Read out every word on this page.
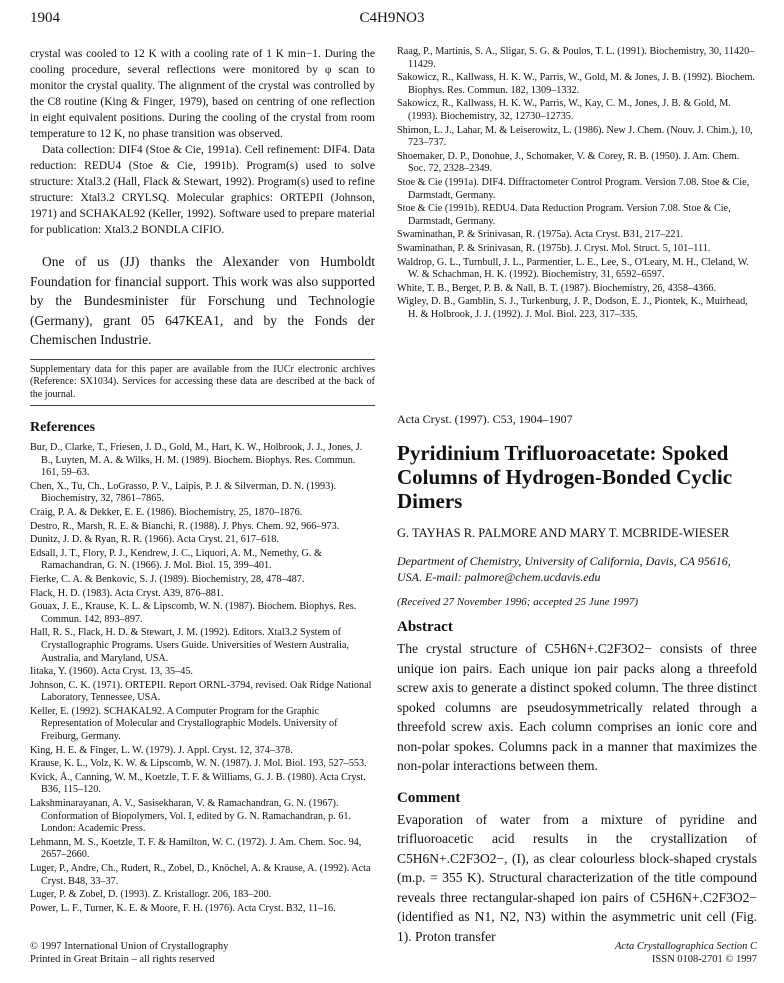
1904	C4H9NO3

crystal was cooled to 12 K with a cooling rate of 1 K min−1. During the cooling procedure, several reflections were monitored by φ scan to monitor the crystal quality. The alignment of the crystal was controlled by the C8 routine (King & Finger, 1979), based on centring of one reflection in eight equivalent positions. During the cooling of the crystal from room temperature to 12 K, no phase transition was observed.

Data collection: DIF4 (Stoe & Cie, 1991a). Cell refinement: DIF4. Data reduction: REDU4 (Stoe & Cie, 1991b). Program(s) used to solve structure: Xtal3.2 (Hall, Flack & Stewart, 1992). Program(s) used to refine structure: Xtal3.2 CRYLSQ. Molecular graphics: ORTEPII (Johnson, 1971) and SCHAKAL92 (Keller, 1992). Software used to prepare material for publication: Xtal3.2 BONDLA CIFIO.

One of us (JJ) thanks the Alexander von Humboldt Foundation for financial support. This work was also supported by the Bundesminister für Forschung und Technologie (Germany), grant 05 647KEA1, and by the Fonds der Chemischen Industrie.

Supplementary data for this paper are available from the IUCr electronic archives (Reference: SX1034). Services for accessing these data are described at the back of the journal.

Raag, P., Martinis, S. A., Sligar, S. G. & Poulos, T. L. (1991). Biochemistry, 30, 11420–11429.

Sakowicz, R., Kallwass, H. K. W., Parris, W., Gold, M. & Jones, J. B. (1992). Biochem. Biophys. Res. Commun. 182, 1309–1332.

Sakowicz, R., Kallwass, H. K. W., Parris, W., Kay, C. M., Jones, J. B. & Gold, M. (1993). Biochemistry, 32, 12730–12735.

Shimon, L. J., Lahar, M. & Leiserowitz, L. (1986). New J. Chem. (Nouv. J. Chim.), 10, 723–737.

Shoemaker, D. P., Donohue, J., Schomaker, V. & Corey, R. B. (1950). J. Am. Chem. Soc. 72, 2328–2349.

Stoe & Cie (1991a). DIF4. Diffractometer Control Program. Version 7.08. Stoe & Cie, Darmstadt, Germany.

Stoe & Cie (1991b). REDU4. Data Reduction Program. Version 7.08. Stoe & Cie, Darmstadt, Germany.

Swaminathan, P. & Srinivasan, R. (1975a). Acta Cryst. B31, 217–221.

Swaminathan, P. & Srinivasan, R. (1975b). J. Cryst. Mol. Struct. 5, 101–111.

Waldrop, G. L., Turnbull, J. L., Parmentier, L. E., Lee, S., O'Leary, M. H., Cleland, W. W. & Schachman, H. K. (1992). Biochemistry, 31, 6592–6597.

White, T. B., Berget, P. B. & Nall, B. T. (1987). Biochemistry, 26, 4358–4366.

Wigley, D. B., Gamblin, S. J., Turkenburg, J. P., Dodson, E. J., Piontek, K., Muirhead, H. & Holbrook, J. J. (1992). J. Mol. Biol. 223, 317–335.

References

Bur, D., Clarke, T., Friesen, J. D., Gold, M., Hart, K. W., Holbrook, J. J., Jones, J. B., Luyten, M. A. & Wilks, H. M. (1989). Biochem. Biophys. Res. Commun. 161, 59–63.

Chen, X., Tu, Ch., LoGrasso, P. V., Laipis, P. J. & Silverman, D. N. (1993). Biochemistry, 32, 7861–7865.

Craig, P. A. & Dekker, E. E. (1986). Biochemistry, 25, 1870–1876.

Destro, R., Marsh, R. E. & Bianchi, R. (1988). J. Phys. Chem. 92, 966–973.

Dunitz, J. D. & Ryan, R. R. (1966). Acta Cryst. 21, 617–618.

Edsall, J. T., Flory, P. J., Kendrew, J. C., Liquori, A. M., Nemethy, G. & Ramachandran, G. N. (1966). J. Mol. Biol. 15, 399–401.

Fierke, C. A. & Benkovic, S. J. (1989). Biochemistry, 28, 478–487.

Flack, H. D. (1983). Acta Cryst. A39, 876–881.

Gouax, J. E., Krause, K. L. & Lipscomb, W. N. (1987). Biochem. Biophys. Res. Commun. 142, 893–897.

Hall, R. S., Flack, H. D. & Stewart, J. M. (1992). Editors. Xtal3.2 System of Crystallographic Programs. Users Guide. Universities of Western Australia, Australia, and Maryland, USA.

Iitaka, Y. (1960). Acta Cryst. 13, 35–45.

Johnson, C. K. (1971). ORTEPII. Report ORNL-3794, revised. Oak Ridge National Laboratory, Tennessee, USA.

Keller, E. (1992). SCHAKAL92. A Computer Program for the Graphic Representation of Molecular and Crystallographic Models. University of Freiburg, Germany.

King, H. E. & Finger, L. W. (1979). J. Appl. Cryst. 12, 374–378.

Krause, K. L., Volz, K. W. & Lipscomb, W. N. (1987). J. Mol. Biol. 193, 527–553.

Kvick, Å., Canning, W. M., Koetzle, T. F. & Williams, G. J. B. (1980). Acta Cryst. B36, 115–120.

Lakshminarayanan, A. V., Sasisekharan, V. & Ramachandran, G. N. (1967). Conformation of Biopolymers, Vol. I, edited by G. N. Ramachandran, p. 61. London: Academic Press.

Lehmann, M. S., Koetzle, T. F. & Hamilton, W. C. (1972). J. Am. Chem. Soc. 94, 2657–2660.

Luger, P., Andre, Ch., Rudert, R., Zobel, D., Knöchel, A. & Krause, A. (1992). Acta Cryst. B48, 33–37.

Luger, P. & Zobel, D. (1993). Z. Kristallogr. 206, 183–200.

Power, L. F., Turner, K. E. & Moore, F. H. (1976). Acta Cryst. B32, 11–16.

Acta Cryst. (1997). C53, 1904–1907

Pyridinium Trifluoroacetate: Spoked Columns of Hydrogen-Bonded Cyclic Dimers

G. TAYHAS R. PALMORE AND MARY T. MCBRIDE-WIESER

Department of Chemistry, University of California, Davis, CA 95616, USA. E-mail: palmore@chem.ucdavis.edu

(Received 27 November 1996; accepted 25 June 1997)

Abstract

The crystal structure of C5H6N+.C2F3O2− consists of three unique ion pairs. Each unique ion pair packs along a threefold screw axis to generate a distinct spoked column. The three distinct spoked columns are pseudosymmetrically related through a threefold screw axis. Each column comprises an ionic core and non-polar spokes. Columns pack in a manner that maximizes the non-polar interactions between them.

Comment

Evaporation of water from a mixture of pyridine and trifluoroacetic acid results in the crystallization of C5H6N+.C2F3O2−, (I), as clear colourless block-shaped crystals (m.p. = 355 K). Structural characterization of the title compound reveals three rectangular-shaped ion pairs of C5H6N+.C2F3O2− (identified as N1, N2, N3) within the asymmetric unit cell (Fig. 1). Proton transfer

© 1997 International Union of Crystallography
Printed in Great Britain – all rights reserved
Acta Crystallographica Section C
ISSN 0108-2701 © 1997
